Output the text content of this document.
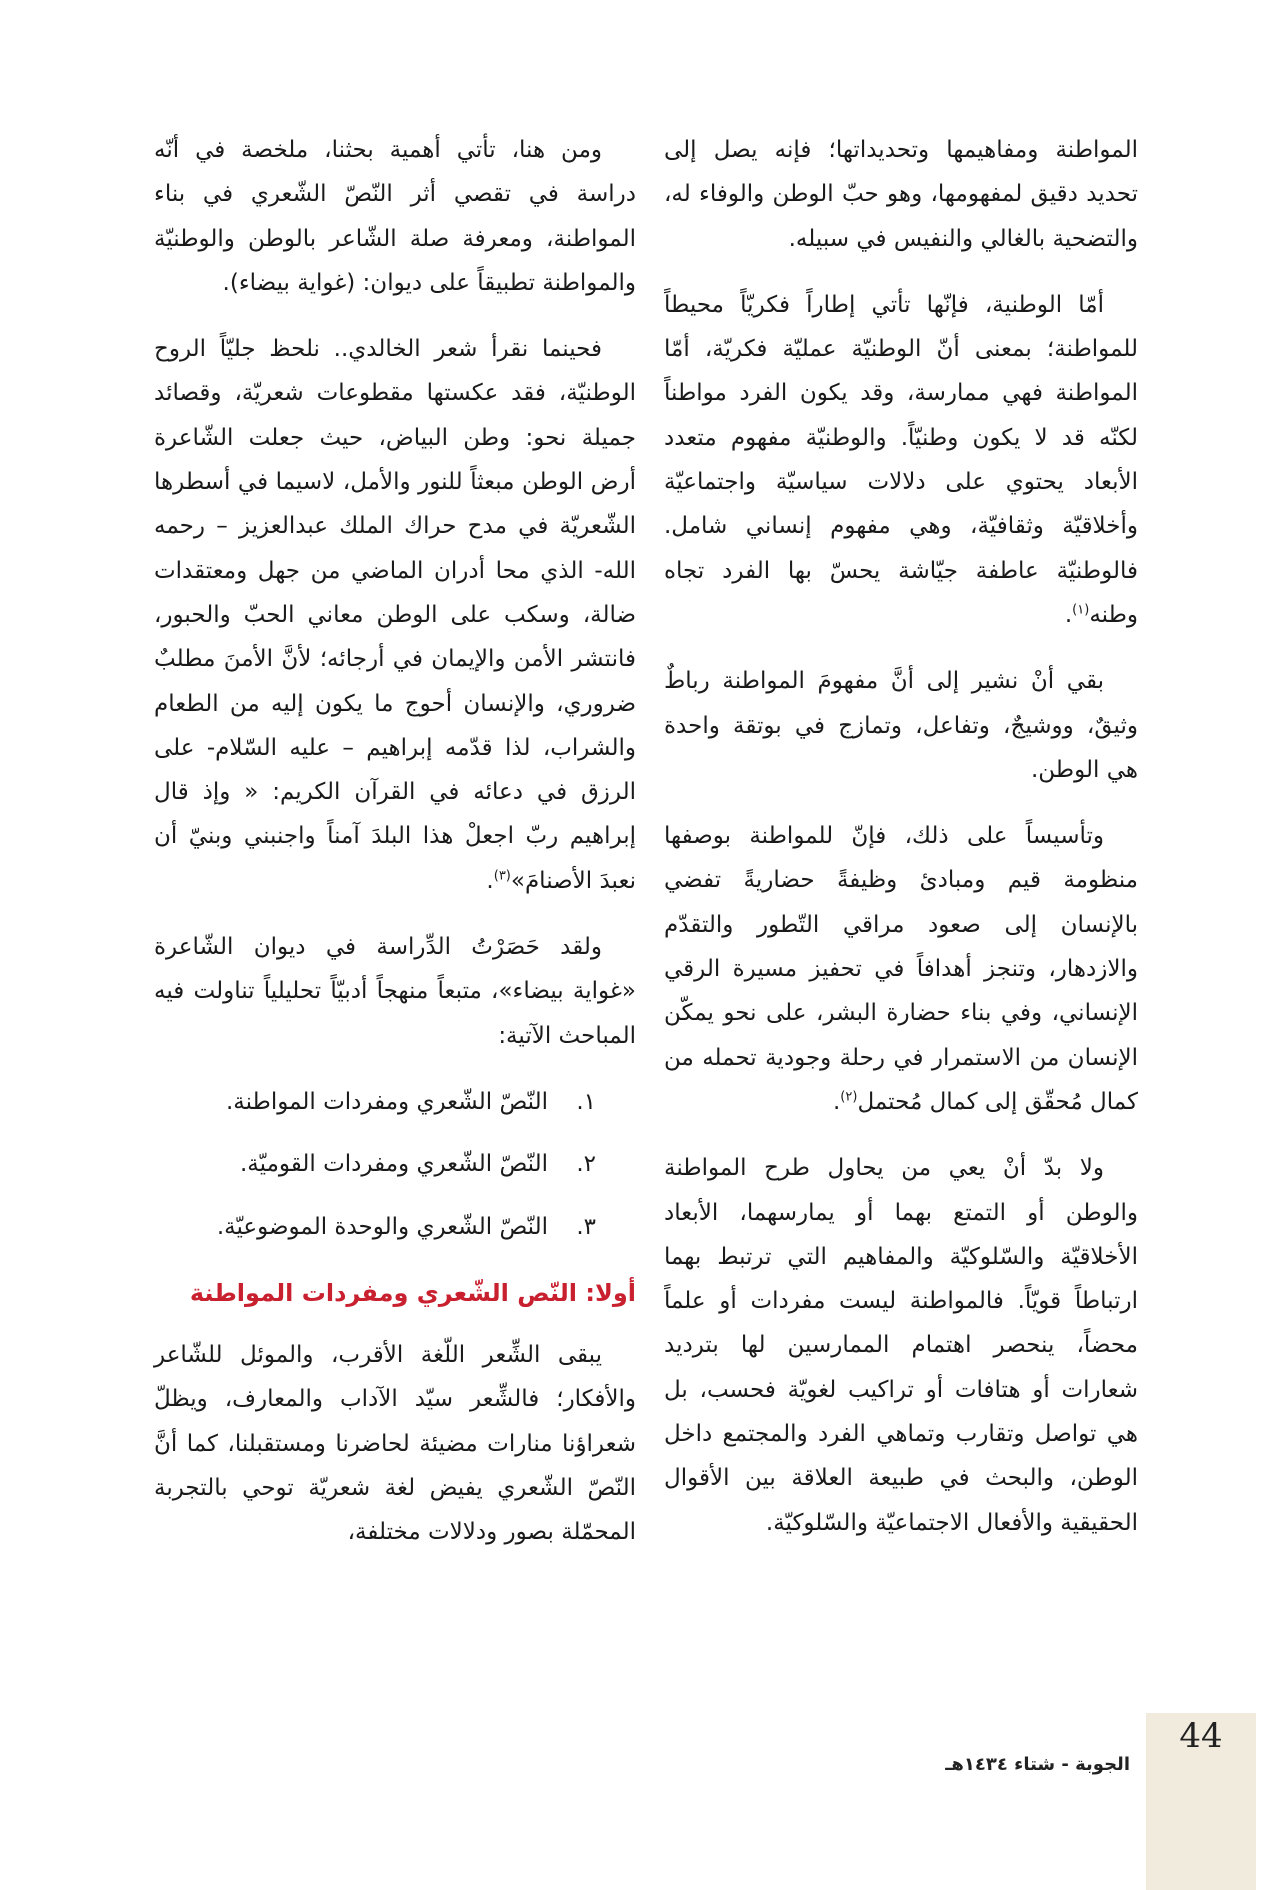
المواطنة ومفاهيمها وتحديداتها؛ فإنه يصل إلى تحديد دقيق لمفهومها، وهو حبّ الوطن والوفاء له، والتضحية بالغالي والنفيس في سبيله.

أمّا الوطنية، فإنّها تأتي إطاراً فكريّاً محيطاً للمواطنة؛ بمعنى أنّ الوطنيّة عمليّة فكريّة، أمّا المواطنة فهي ممارسة، وقد يكون الفرد مواطناً لكنّه قد لا يكون وطنيّاً. والوطنيّة مفهوم متعدد الأبعاد يحتوي على دلالات سياسيّة واجتماعيّة وأخلاقيّة وثقافيّة، وهي مفهوم إنساني شامل. فالوطنيّة عاطفة جيّاشة يحسّ بها الفرد تجاه وطنه$^{(١)}$.

بقي أنْ نشير إلى أنَّ مفهومَ المواطنة رباطٌ وثيقٌ، ووشيجٌ، وتفاعل، وتمازج في بوتقة واحدة هي الوطن.

وتأسيساً على ذلك، فإنّ للمواطنة بوصفها منظومة قيم ومبادئ وظيفةً حضاريةً تفضي بالإنسان إلى صعود مراقي التّطور والتقدّم والازدهار، وتنجز أهدافاً في تحفيز مسيرة الرقي الإنساني، وفي بناء حضارة البشر، على نحو يمكّن الإنسان من الاستمرار في رحلة وجودية تحمله من كمال مُحقّق إلى كمال مُحتمل$^{(٢)}$.

ولا بدّ أنْ يعي من يحاول طرح المواطنة والوطن أو التمتع بهما أو يمارسهما، الأبعاد الأخلاقيّة والسّلوكيّة والمفاهيم التي ترتبط بهما ارتباطاً قويّاً. فالمواطنة ليست مفردات أو علماً محضاً، ينحصر اهتمام الممارسين لها بترديد شعارات أو هتافات أو تراكيب لغويّة فحسب، بل هي تواصل وتقارب وتماهي الفرد والمجتمع داخل الوطن، والبحث في طبيعة العلاقة بين الأقوال الحقيقية والأفعال الاجتماعيّة والسّلوكيّة.

ومن هنا، تأتي أهمية بحثنا، ملخصة في أنّه دراسة في تقصي أثر النّصّ الشّعري في بناء المواطنة، ومعرفة صلة الشّاعر بالوطن والوطنيّة والمواطنة تطبيقاً على ديوان: (غواية بيضاء).

فحينما نقرأ شعر الخالدي.. نلحظ جليّاً الروح الوطنيّة، فقد عكستها مقطوعات شعريّة، وقصائد جميلة نحو: وطن البياض، حيث جعلت الشّاعرة أرض الوطن مبعثاً للنور والأمل، لاسيما في أسطرها الشّعريّة في مدح حراك الملك عبدالعزيز – رحمه الله- الذي محا أدران الماضي من جهل ومعتقدات ضالة، وسكب على الوطن معاني الحبّ والحبور، فانتشر الأمن والإيمان في أرجائه؛ لأنَّ الأمنَ مطلبٌ ضروري، والإنسان أحوج ما يكون إليه من الطعام والشراب، لذا قدّمه إبراهيم – عليه السّلام- على الرزق في دعائه في القرآن الكريم: « وإذ قال إبراهيم ربّ اجعلْ هذا البلدَ آمناً واجنبني وبنيّ أن نعبدَ الأصنامَ»$^{(٣)}$.

ولقد حَصَرْتُ الدِّراسة في ديوان الشّاعرة «غواية بيضاء»، متبعاً منهجاً أدبيّاً تحليلياً تناولت فيه المباحث الآتية:

١.النّصّ الشّعري ومفردات المواطنة.
٢.النّصّ الشّعري ومفردات القوميّة.
٣.النّصّ الشّعري والوحدة الموضوعيّة.
أولا: النّص الشّعري ومفردات المواطنة

يبقى الشِّعر اللّغة الأقرب، والموئل للشّاعر والأفكار؛ فالشِّعر سيّد الآداب والمعارف، ويظلّ شعراؤنا منارات مضيئة لحاضرنا ومستقبلنا، كما أنَّ النّصّ الشّعري يفيض لغة شعريّة توحي بالتجربة المحمّلة بصور ودلالات مختلفة،

44
الجوبة - شتاء ١٤٣٤هـ
